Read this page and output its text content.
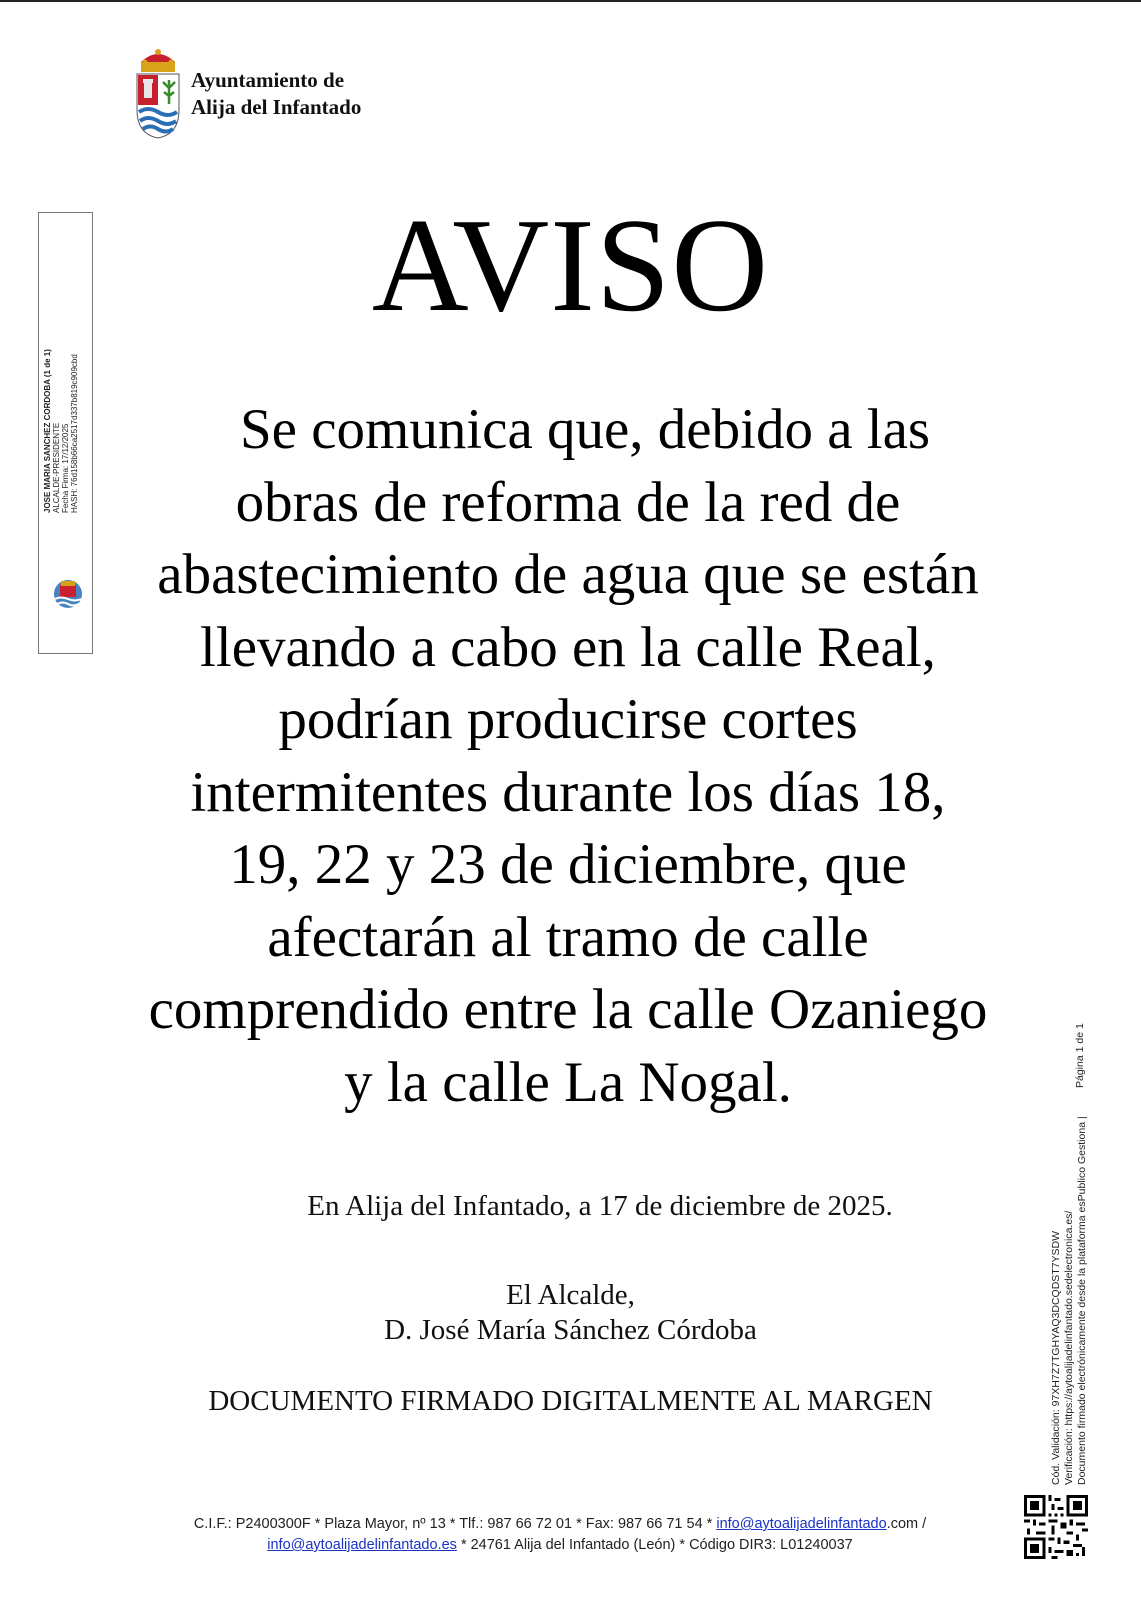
Ayuntamiento de
Alija del Infantado
JOSE MARIA SANCHEZ CORDOBA (1 de 1) ALCALDE-PRESIDENTE Fecha Firma: 17/12/2025 HASH: 76d158b66ca2517d337b819c909cbd
AVISO
Se comunica que, debido a las obras de reforma de la red de abastecimiento de agua que se están llevando a cabo en la calle Real, podrían producirse cortes intermitentes durante los días 18, 19, 22 y 23 de diciembre, que afectarán al tramo de calle comprendido entre la calle Ozaniego y la calle La Nogal.
En Alija del Infantado, a 17 de diciembre de 2025.
El Alcalde,
D. José María Sánchez Córdoba
DOCUMENTO FIRMADO DIGITALMENTE AL MARGEN
C.I.F.: P2400300F * Plaza Mayor, nº 13 * Tlf.: 987 66 72 01 * Fax: 987 66 71 54 * info@aytoalijadelinfantado.com /
info@aytoalijadelinfantado.es * 24761 Alija del Infantado (León) * Código DIR3: L01240037
Cód. Validación: 97XH7Z7TGHYAQ3DCQDST7YSDW Verificación: https://aytoalijadelinfantado.sedelectronica.es/ Documento firmado electrónicamente desde la plataforma esPublico Gestiona |
Página 1 de 1
